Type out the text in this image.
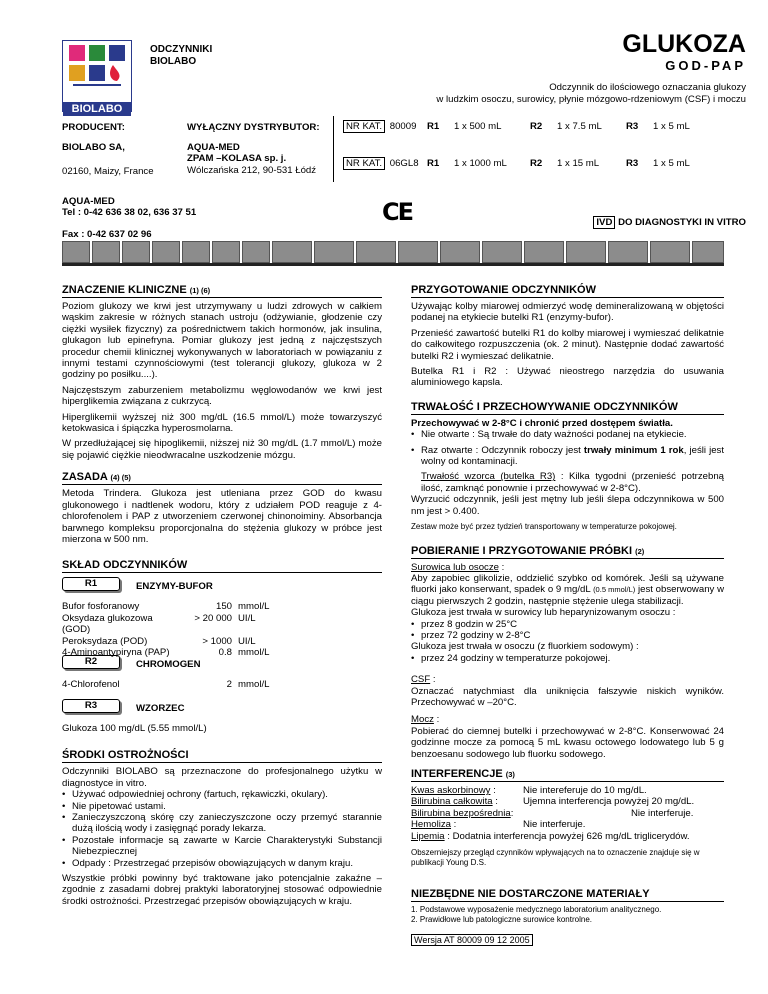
BIOLABO
ODCZYNNIKI
BIOLABO
GLUKOZA
GOD-PAP
Odczynnik do ilościowego oznaczania glukozy
w ludzkim osoczu, surowicy, płynie mózgowo-rdzeniowym (CSF) i moczu
PRODUCENT:
BIOLABO SA,
02160, Maizy, France
WYŁĄCZNY DYSTRYBUTOR:
AQUA-MED
ZPAM –KOLASA sp. j.
Wólczańska 212, 90-531 Łódź
NR KAT. 80009 R1 1 x 500 mL	R2 1 x 7.5 mL	R3 1 x 5 mL
NR KAT. 06GL8 R1 1 x 1000 mL R2 1 x 15 mL	R3 1 x 5 mL
AQUA-MED
Tel : 0-42 636 38 02, 636 37 51
Fax : 0-42 637 02 96
CE	IVD DO DIAGNOSTYKI IN VITRO
ZNACZENIE KLINICZNE (1) (6)
Poziom glukozy we krwi jest utrzymywany u ludzi zdrowych w całkiem wąskim zakresie w różnych stanach ustroju (odżywianie, głodzenie czy ciężki wysiłek fizyczny) za pośrednictwem takich hormonów, jak insulina, glukagon lub epinefryna. Pomiar glukozy jest jedną z najczęstszych procedur chemii klinicznej wykonywanych w laboratoriach w powiązaniu z innymi testami czynnościowymi (test tolerancji glukozy, glukoza w 2 godziny po posiłku....).
Najczęstszym zaburzeniem metabolizmu węglowodanów we krwi jest hiperglikemia związana z cukrzycą.
Hiperglikemii wyższej niż 300 mg/dL (16.5 mmol/L) może towarzyszyć ketokwasica i śpiączka hyperosmolarna.
W przedłużającej się hipoglikemii, niższej niż 30 mg/dL (1.7 mmol/L) może się pojawić ciężkie nieodwracalne uszkodzenie mózgu.
ZASADA (4) (5)
Metoda Trindera. Glukoza jest utleniana przez GOD do kwasu glukonowego i nadtlenek wodoru, który z udziałem POD reaguje z 4-chlorofenolem i PAP z utworzeniem czerwonej chinonoiminy. Absorbancja barwnego kompleksu proporcjonalna do stężenia glukozy w próbce jest mierzona w 500 nm.
SKŁAD ODCZYNNIKÓW
R1	ENZYMY-BUFOR
Bufor fosforanowy	150	mmol/L
Oksydaza glukozowa (GOD)	> 20 000	UI/L
Peroksydaza (POD)	> 1000	UI/L
4-Aminoantypiryna (PAP)	0.8	mmol/L
R2	CHROMOGEN
4-Chlorofenol	2	mmol/L
R3	WZORZEC
Glukoza 100 mg/dL (5.55 mmol/L)
ŚRODKI OSTROŻNOŚCI
Odczynniki BIOLABO są przeznaczone do profesjonalnego użytku w diagnostyce in vitro.
• Używać odpowiedniej ochrony (fartuch, rękawiczki, okulary).
• Nie pipetować ustami.
• Zanieczyszczoną skórę czy zanieczyszczone oczy przemyć starannie dużą ilością wody i zasięgnąć porady lekarza.
• Pozostałe informacje są zawarte w Karcie Charakterystyki Substancji Niebezpiecznej
• Odpady : Przestrzegać przepisów obowiązujących w danym kraju.
Wszystkie próbki powinny być traktowane jako potencjalnie zakaźne – zgodnie z zasadami dobrej praktyki laboratoryjnej stosować odpowiednie środki ostrożności. Przestrzegać przepisów obowiązujących w kraju.
PRZYGOTOWANIE ODCZYNNIKÓW
Używając kolby miarowej odmierzyć wodę demineralizowaną w objętości podanej na etykiecie butelki R1 (enzymy-bufor).
Przenieść zawartość butelki R1 do kolby miarowej i wymieszać delikatnie do całkowitego rozpuszczenia (ok. 2 minut). Następnie dodać zawartość butelki R2 i wymieszać delikatnie.
Butelka R1 i R2 : Używać nieostrego narzędzia do usuwania aluminiowego kapsla.
TRWAŁOŚĆ I PRZECHOWYWANIE ODCZYNNIKÓW
Przechowywać w 2-8°C i chronić przed dostępem światła.
• Nie otwarte : Są trwałe do daty ważności podanej na etykiecie.
• Raz otwarte : Odczynnik roboczy jest trwały minimum 1 rok, jeśli jest wolny od kontaminacji.
Trwałość wzorca (butelka R3) : Kilka tygodni (przenieść potrzebną ilość, zamknąć ponownie i przechowywać w 2-8°C).
Wyrzucić odczynnik, jeśli jest mętny lub jeśli ślepa odczynnikowa w 500 nm jest > 0.400.
Zestaw może być przez tydzień transportowany w temperaturze pokojowej.
POBIERANIE I PRZYGOTOWANIE PRÓBKI (2)
Surowica lub osocze :
Aby zapobiec glikolizie, oddzielić szybko od komórek. Jeśli są używane fluorki jako konserwant, spadek o 9 mg/dL (0.5 mmol/L) jest obserwowany w ciągu pierwszych 2 godzin, następnie stężenie ulega stabilizacji.
Glukoza jest trwała w surowicy lub heparynizowanym osoczu :
• przez 8 godzin w 25°C
• przez 72 godziny w 2-8°C
Glukoza jest trwała w osoczu (z fluorkiem sodowym) :
• przez 24 godziny w temperaturze pokojowej.
CSF :
Oznaczać natychmiast dla uniknięcia fałszywie niskich wyników. Przechowywać w –20°C.
Mocz :
Pobierać do ciemnej butelki i przechowywać w 2-8°C. Konserwować 24 godzinne mocze za pomocą 5 mL kwasu octowego lodowatego lub 5 g benzoesanu sodowego lub fluorku sodowego.
INTERFERENCJE (3)
Kwas askorbinowy :	Nie intereferuje do 10 mg/dL.
Bilirubina całkowita :	Ujemna interferencja powyżej 20 mg/dL.
Bilirubina bezpośrednia:	Nie interferuje.
Hemoliza :	Nie interferuje.
Lipemia : Dodatnia interferencja powyżej 626 mg/dL triglicerydów.
Obszerniejszy przegląd czynników wpływających na to oznaczenie znajduje się w publikacji Young D.S.
NIEZBĘDNE NIE DOSTARCZONE MATERIAŁY
1. Podstawowe wyposażenie medycznego laboratorium analitycznego.
2. Prawidłowe lub patologiczne surowice kontrolne.
Wersja AT 80009 09 12 2005
